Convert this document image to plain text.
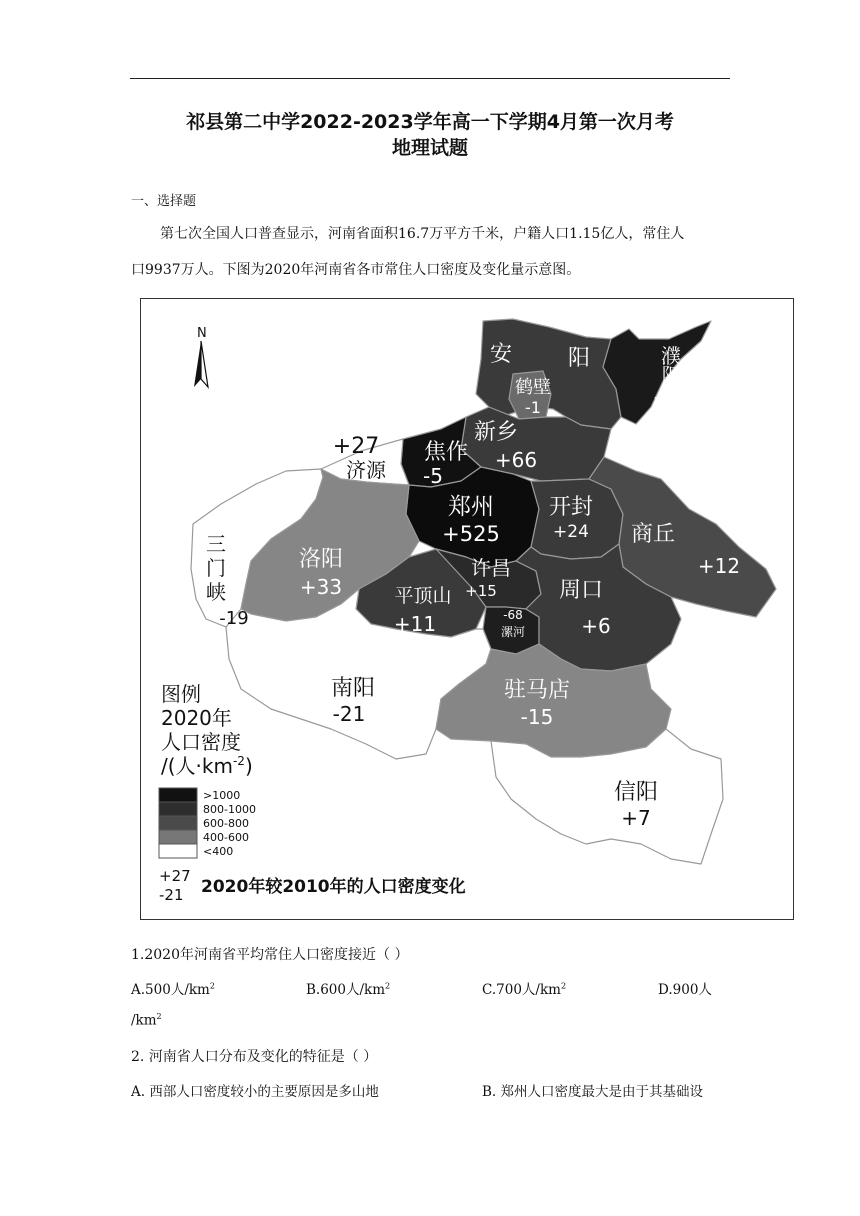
祁县第二中学2022-2023学年高一下学期4月第一次月考
地理试题
一、选择题
第七次全国人口普查显示，河南省面积16.7万平方千米，户籍人口1.15亿人，常住人
口9937万人。下图为2020年河南省各市常住人口密度及变化量示意图。
N
安	阳	濮
阳
+12
鹤壁
-1
新乡
+66
焦作
-5
+27
济源
郑州
+525
开封
+24 商丘
+12
三
门
峡
-19
洛阳
+33
许昌
+15
平顶山
+11	-68
漯河
周口
+6
南阳
-21
驻马店
-15
信阳
+7
图例
2020年
人口密度
/(人$\cdot km^{-2}$)
>1000
800-1000
600-800
400-600
<400
+27
-21 2020年较2010年的人口密度变化
1.2020年河南省平均常住人口密度接近（ ）
A.500人$/km^2$	B.600人$/km^2$	C.700人$/km^2$	D.900人
$/km^2$
2. 河南省人口分布及变化的特征是（ ）
A. 西部人口密度较小的主要原因是多山地	B. 郑州人口密度最大是由于其基础设
